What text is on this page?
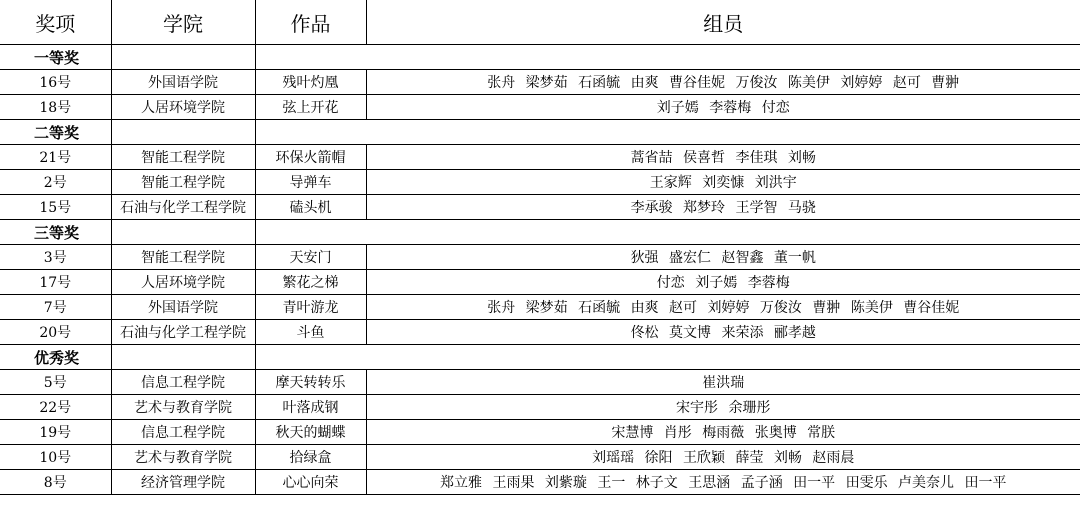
奖项	学院	作品	组员
一等奖			
16号	外国语学院	残叶灼凰	张舟 梁梦茹 石函毓 由爽 曹谷佳妮 万俊汝 陈美伊 刘婷婷 赵可 曹翀
18号	人居环境学院	弦上开花	刘子嫣 李蓉梅 付恋
二等奖			
21号	智能工程学院	环保火箭帽	蒿省喆 侯喜哲 李佳琪 刘畅
2号	智能工程学院	导弹车	王家辉 刘奕慷 刘洪宇
15号	石油与化学工程学院	磕头机	李承骏 郑梦玲 王学智 马骁
三等奖			
3号	智能工程学院	天安门	狄强 盛宏仁 赵智鑫 董一帆
17号	人居环境学院	繁花之梯	付恋 刘子嫣 李蓉梅
7号	外国语学院	青叶游龙	张舟 梁梦茹 石函毓 由爽 赵可 刘婷婷 万俊汝 曹翀 陈美伊 曹谷佳妮
20号	石油与化学工程学院	斗鱼	佟松 莫文博 来荣添 郦孝越
优秀奖			
5号	信息工程学院	摩天转转乐	崔洪瑞
22号	艺术与教育学院	叶落成钢	宋宇彤 余珊彤
19号	信息工程学院	秋天的蝴蝶	宋慧博 肖彤 梅雨薇 张奥博 常朕
10号	艺术与教育学院	拾绿盒	刘瑶瑶 徐阳 王欣颖 薛莹 刘畅 赵雨晨
8号	经济管理学院	心心向荣	郑立雅 王雨果 刘紫璇 王一 林子文 王思涵 孟子涵 田一平 田雯乐 卢美奈儿 田一平
